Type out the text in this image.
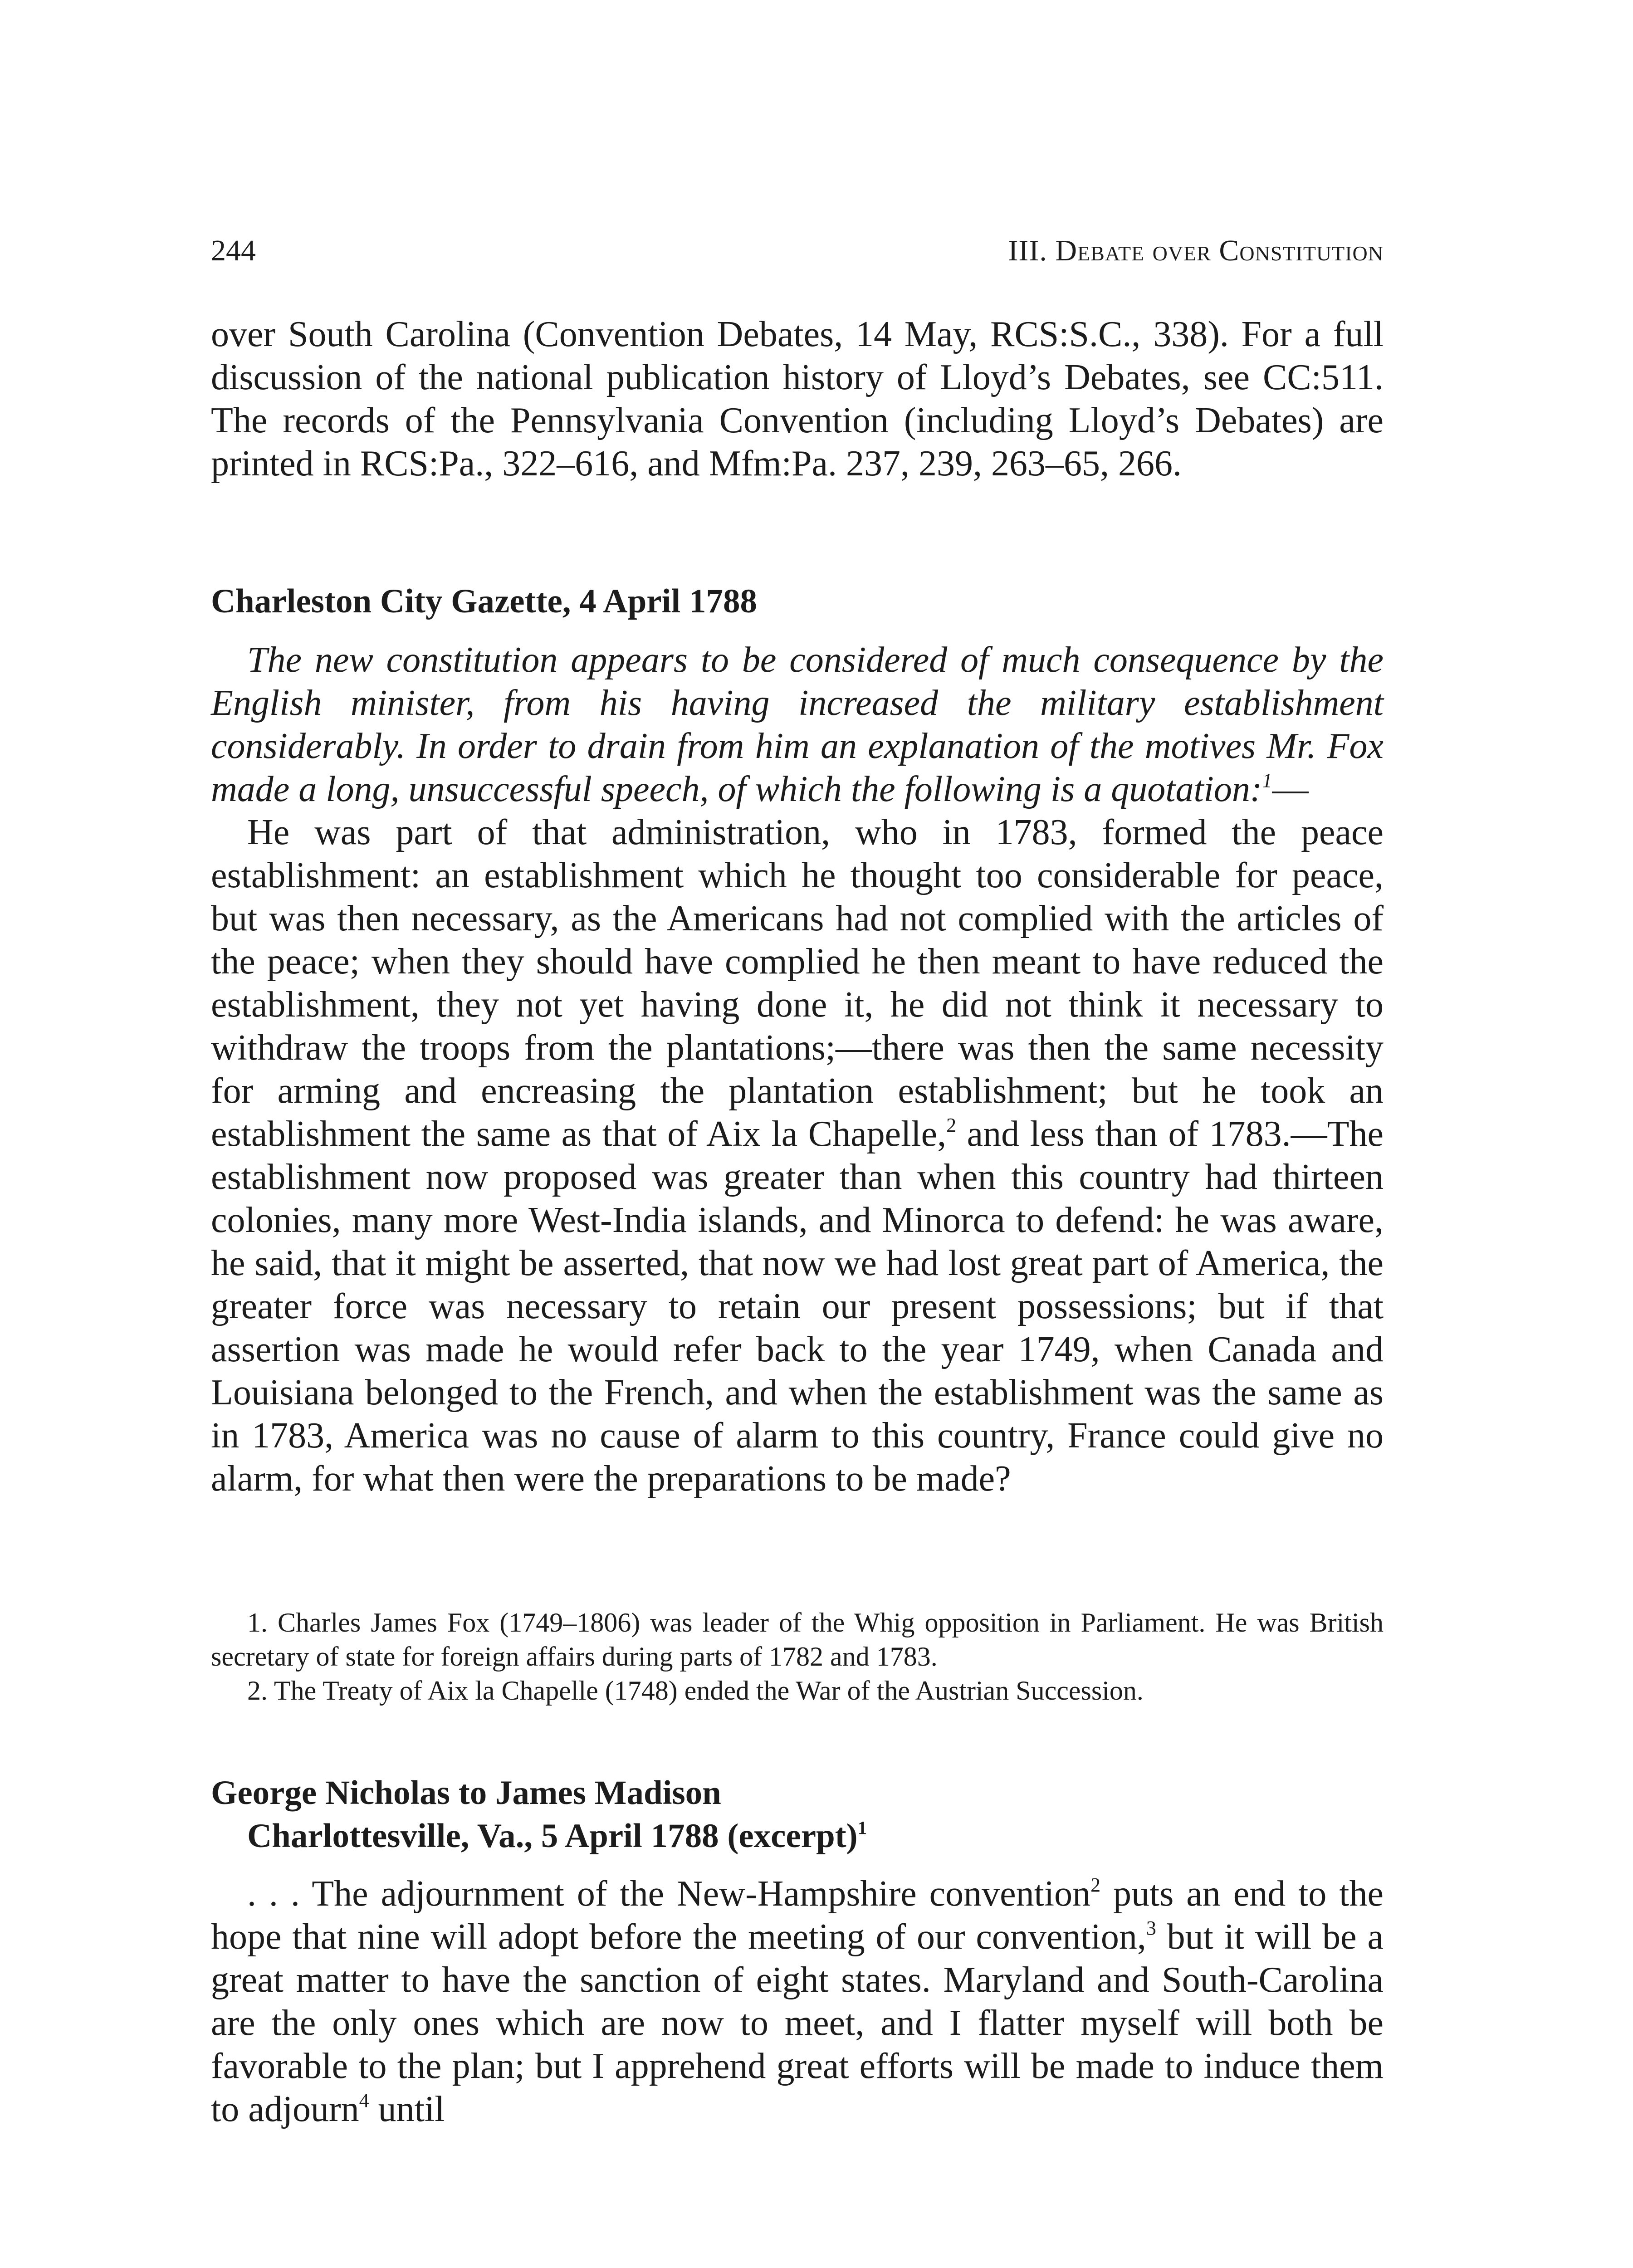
244	III. Debate over Constitution

over South Carolina (Convention Debates, 14 May, RCS:S.C., 338). For a full discussion of the national publication history of Lloyd’s Debates, see CC:511. The records of the Pennsylvania Convention (including Lloyd’s Debates) are printed in RCS:Pa., 322–616, and Mfm:Pa. 237, 239, 263–65, 266.

Charleston City Gazette, 4 April 1788

The new constitution appears to be considered of much consequence by the English minister, from his having increased the military establishment considerably. In order to drain from him an explanation of the motives Mr. Fox made a long, unsuccessful speech, of which the following is a quotation:$^1$—

He was part of that administration, who in 1783, formed the peace establishment: an establishment which he thought too considerable for peace, but was then necessary, as the Americans had not complied with the articles of the peace; when they should have complied he then meant to have reduced the establishment, they not yet having done it, he did not think it necessary to withdraw the troops from the plantations;—there was then the same necessity for arming and encreasing the plantation establishment; but he took an establishment the same as that of Aix la Chapelle,$^2$ and less than of 1783.—The establishment now proposed was greater than when this country had thirteen colonies, many more West-India islands, and Minorca to defend: he was aware, he said, that it might be asserted, that now we had lost great part of America, the greater force was necessary to retain our present possessions; but if that assertion was made he would refer back to the year 1749, when Canada and Louisiana belonged to the French, and when the establishment was the same as in 1783, America was no cause of alarm to this country, France could give no alarm, for what then were the preparations to be made?

1. Charles James Fox (1749–1806) was leader of the Whig opposition in Parliament. He was British secretary of state for foreign affairs during parts of 1782 and 1783.

2. The Treaty of Aix la Chapelle (1748) ended the War of the Austrian Succession.

George Nicholas to James Madison
Charlottesville, Va., 5 April 1788 (excerpt)$^1$

. . . The adjournment of the New-Hampshire convention$^2$ puts an end to the hope that nine will adopt before the meeting of our convention,$^3$ but it will be a great matter to have the sanction of eight states. Maryland and South-Carolina are the only ones which are now to meet, and I flatter myself will both be favorable to the plan; but I apprehend great efforts will be made to induce them to adjourn$^4$ until
